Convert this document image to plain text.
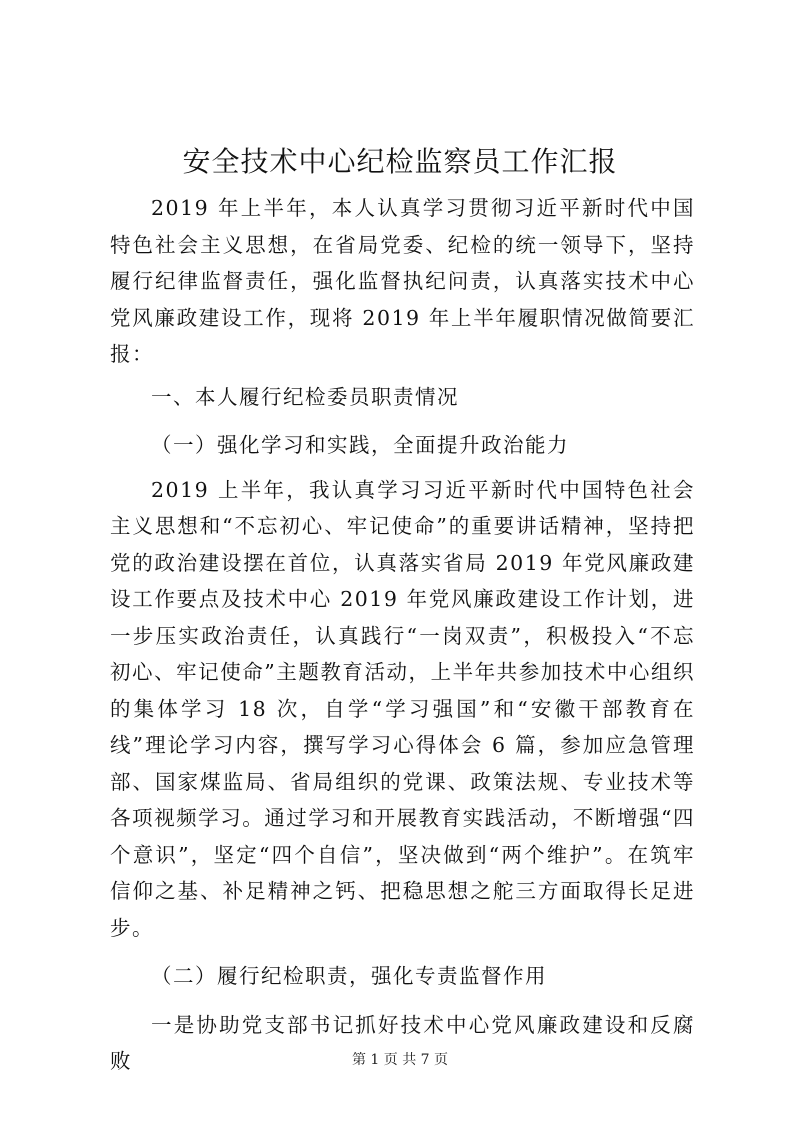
安全技术中心纪检监察员工作汇报

2019 年上半年，本人认真学习贯彻习近平新时代中国特色社会主义思想，在省局党委、纪检的统一领导下，坚持履行纪律监督责任，强化监督执纪问责，认真落实技术中心党风廉政建设工作，现将 2019 年上半年履职情况做简要汇报：

一、本人履行纪检委员职责情况

（一）强化学习和实践，全面提升政治能力

2019 上半年，我认真学习习近平新时代中国特色社会主义思想和“不忘初心、牢记使命”的重要讲话精神，坚持把党的政治建设摆在首位，认真落实省局 2019 年党风廉政建设工作要点及技术中心 2019 年党风廉政建设工作计划，进一步压实政治责任，认真践行“一岗双责”，积极投入“不忘初心、牢记使命”主题教育活动，上半年共参加技术中心组织的集体学习 18 次，自学“学习强国”和“安徽干部教育在线”理论学习内容，撰写学习心得体会 6 篇，参加应急管理部、国家煤监局、省局组织的党课、政策法规、专业技术等各项视频学习。通过学习和开展教育实践活动，不断增强“四个意识”，坚定“四个自信”，坚决做到“两个维护”。在筑牢信仰之基、补足精神之钙、把稳思想之舵三方面取得长足进步。

（二）履行纪检职责，强化专责监督作用

一是协助党支部书记抓好技术中心党风廉政建设和反腐败	第 1 页 共 7 页
